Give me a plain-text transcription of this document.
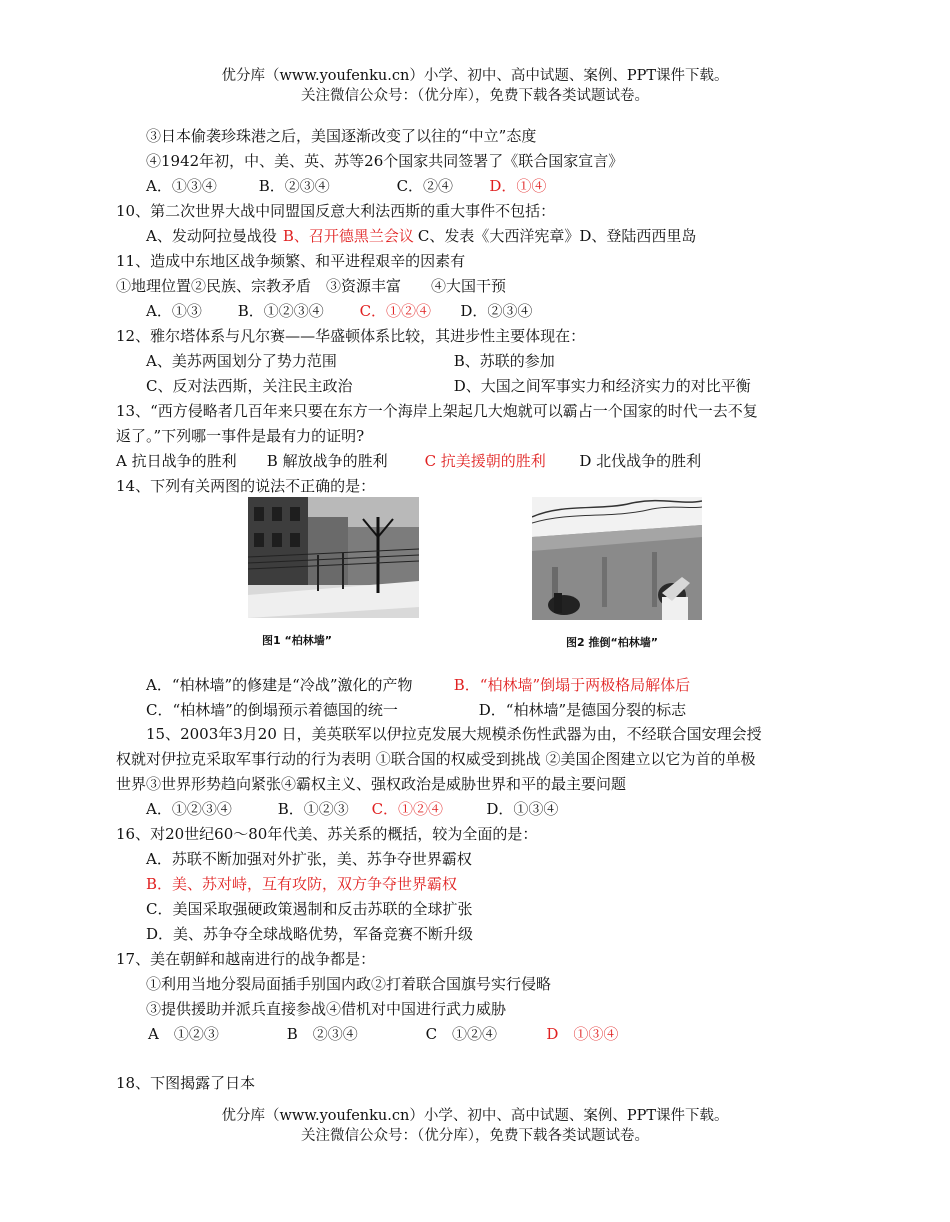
优分库（www.youfenku.cn）小学、初中、高中试题、案例、PPT课件下载。
关注微信公众号：（优分库），免费下载各类试题试卷。
③日本偷袭珍珠港之后，美国逐渐改变了以往的“中立”态度
④1942年初，中、美、英、苏等26个国家共同签署了《联合国家宣言》
A．①③④	B．②③④	C．②④ D．①④
10、第二次世界大战中同盟国反意大利法西斯的重大事件不包括：
A、发动阿拉曼战役 B、召开德黑兰会议 C、发表《大西洋宪章》D、登陆西西里岛
11、造成中东地区战争频繁、和平进程艰辛的因素有
①地理位置②民族、宗教矛盾　③资源丰富　　④大国干预
A．①③ B．①②③④ C．①②④ D．②③④
12、雅尔塔体系与凡尔赛——华盛顿体系比较，其进步性主要体现在：
A、美苏两国划分了势力范围	B、苏联的参加
C、反对法西斯，关注民主政治	D、大国之间军事实力和经济实力的对比平衡
13、“西方侵略者几百年来只要在东方一个海岸上架起几大炮就可以霸占一个国家的时代一去不复
返了。”下列哪一事件是最有力的证明?
A 抗日战争的胜利 B 解放战争的胜利 C 抗美援朝的胜利 D 北伐战争的胜利
14、下列有关两图的说法不正确的是：
图1 “柏林墙”	图2 推倒“柏林墙”
A．“柏林墙”的修建是“冷战”激化的产物	B．“柏林墙”倒塌于两极格局解体后
C．“柏林墙”的倒塌预示着德国的统一	D．“柏林墙”是德国分裂的标志
15、2003年3月20 日，美英联军以伊拉克发展大规模杀伤性武器为由，不经联合国安理会授
权就对伊拉克采取军事行动的行为表明 ①联合国的权威受到挑战 ②美国企图建立以它为首的单极
世界③世界形势趋向紧张④霸权主义、强权政治是威胁世界和平的最主要问题
A．①②③④	B．①②③ C．①②④	D．①③④
16、对20世纪60～80年代美、苏关系的概括，较为全面的是：
A．苏联不断加强对外扩张，美、苏争夺世界霸权
B．美、苏对峙，互有攻防，双方争夺世界霸权
C．美国采取强硬政策遏制和反击苏联的全球扩张
D．美、苏争夺全球战略优势，军备竞赛不断升级
17、美在朝鲜和越南进行的战争都是：
①利用当地分裂局面插手别国内政②打着联合国旗号实行侵略
③提供援助并派兵直接参战④借机对中国进行武力威胁
A　①②③	B　②③④	C　①②④	D　①③④
18、下图揭露了日本
优分库（www.youfenku.cn）小学、初中、高中试题、案例、PPT课件下载。
关注微信公众号：（优分库），免费下载各类试题试卷。
